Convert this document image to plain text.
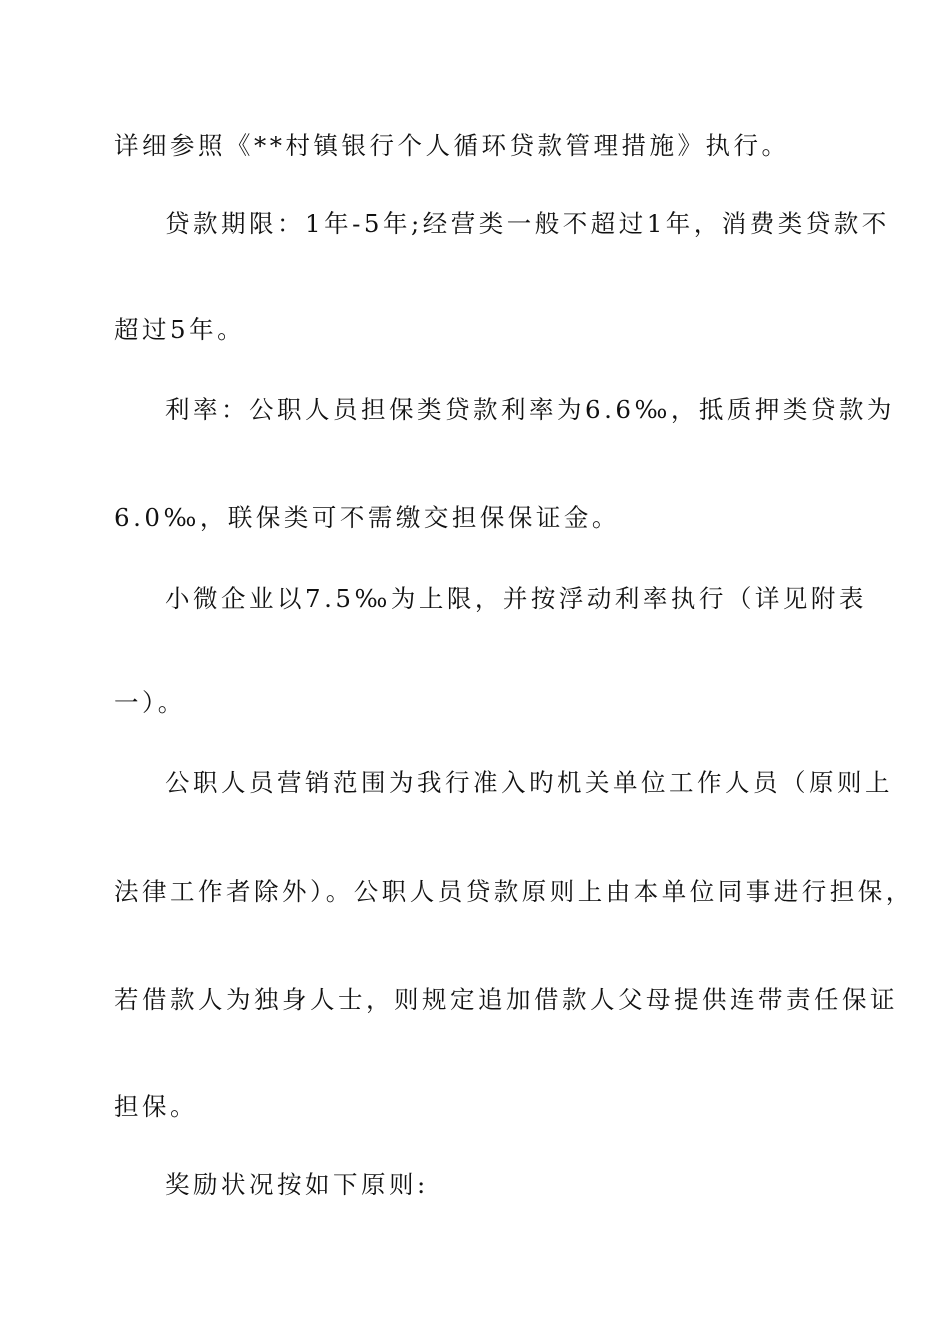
详细参照《**村镇银行个人循环贷款管理措施》执行。
贷款期限：1年-5年;经营类一般不超过1年，消费类贷款不
超过5年。
利率：公职人员担保类贷款利率为6.6‰，抵质押类贷款为
6.0‰，联保类可不需缴交担保保证金。
小微企业以7.5‰为上限，并按浮动利率执行（详见附表
一）。
公职人员营销范围为我行准入旳机关单位工作人员（原则上
法律工作者除外）。公职人员贷款原则上由本单位同事进行担保，
若借款人为独身人士，则规定追加借款人父母提供连带责任保证
担保。
奖励状况按如下原则:
